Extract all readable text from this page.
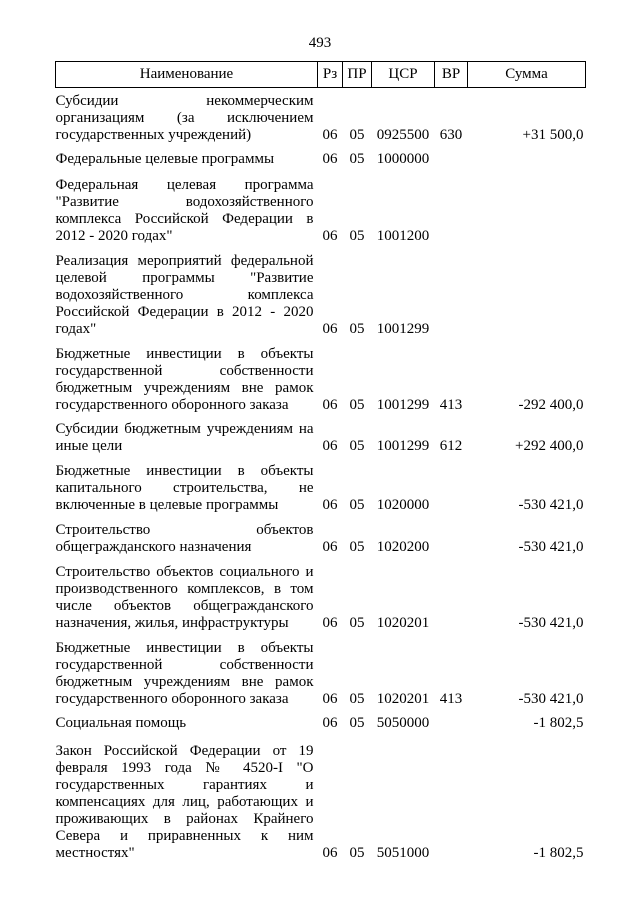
493
Наименование	Рз	ПР	ЦСР	ВР	Сумма
Субсидии некоммерческим организациям (за исключением государственных учреждений)	06	05	0925500	630	+31 500,0
Федеральные целевые программы	06	05	1000000		
Федеральная целевая программа "Развитие водохозяйственного комплекса Российской Федерации в 2012 - 2020 годах"	06	05	1001200		
Реализация мероприятий федеральной целевой программы "Развитие водохозяйственного комплекса Российской Федерации в 2012 - 2020 годах"	06	05	1001299		
Бюджетные инвестиции в объекты государственной собственности бюджетным учреждениям вне рамок государственного оборонного заказа	06	05	1001299	413	-292 400,0
Субсидии бюджетным учреждениям на иные цели	06	05	1001299	612	+292 400,0
Бюджетные инвестиции в объекты капитального строительства, не включенные в целевые программы	06	05	1020000		-530 421,0
Строительство объектов общегражданского назначения	06	05	1020200		-530 421,0
Строительство объектов социального и производственного комплексов, в том числе объектов общегражданского назначения, жилья, инфраструктуры	06	05	1020201		-530 421,0
Бюджетные инвестиции в объекты государственной собственности бюджетным учреждениям вне рамок государственного оборонного заказа	06	05	1020201	413	-530 421,0
Социальная помощь	06	05	5050000		-1 802,5
Закон Российской Федерации от 19 февраля 1993 года № 4520-I "О государственных гарантиях и компенсациях для лиц, работающих и проживающих в районах Крайнего Севера и приравненных к ним местностях"	06	05	5051000		-1 802,5
